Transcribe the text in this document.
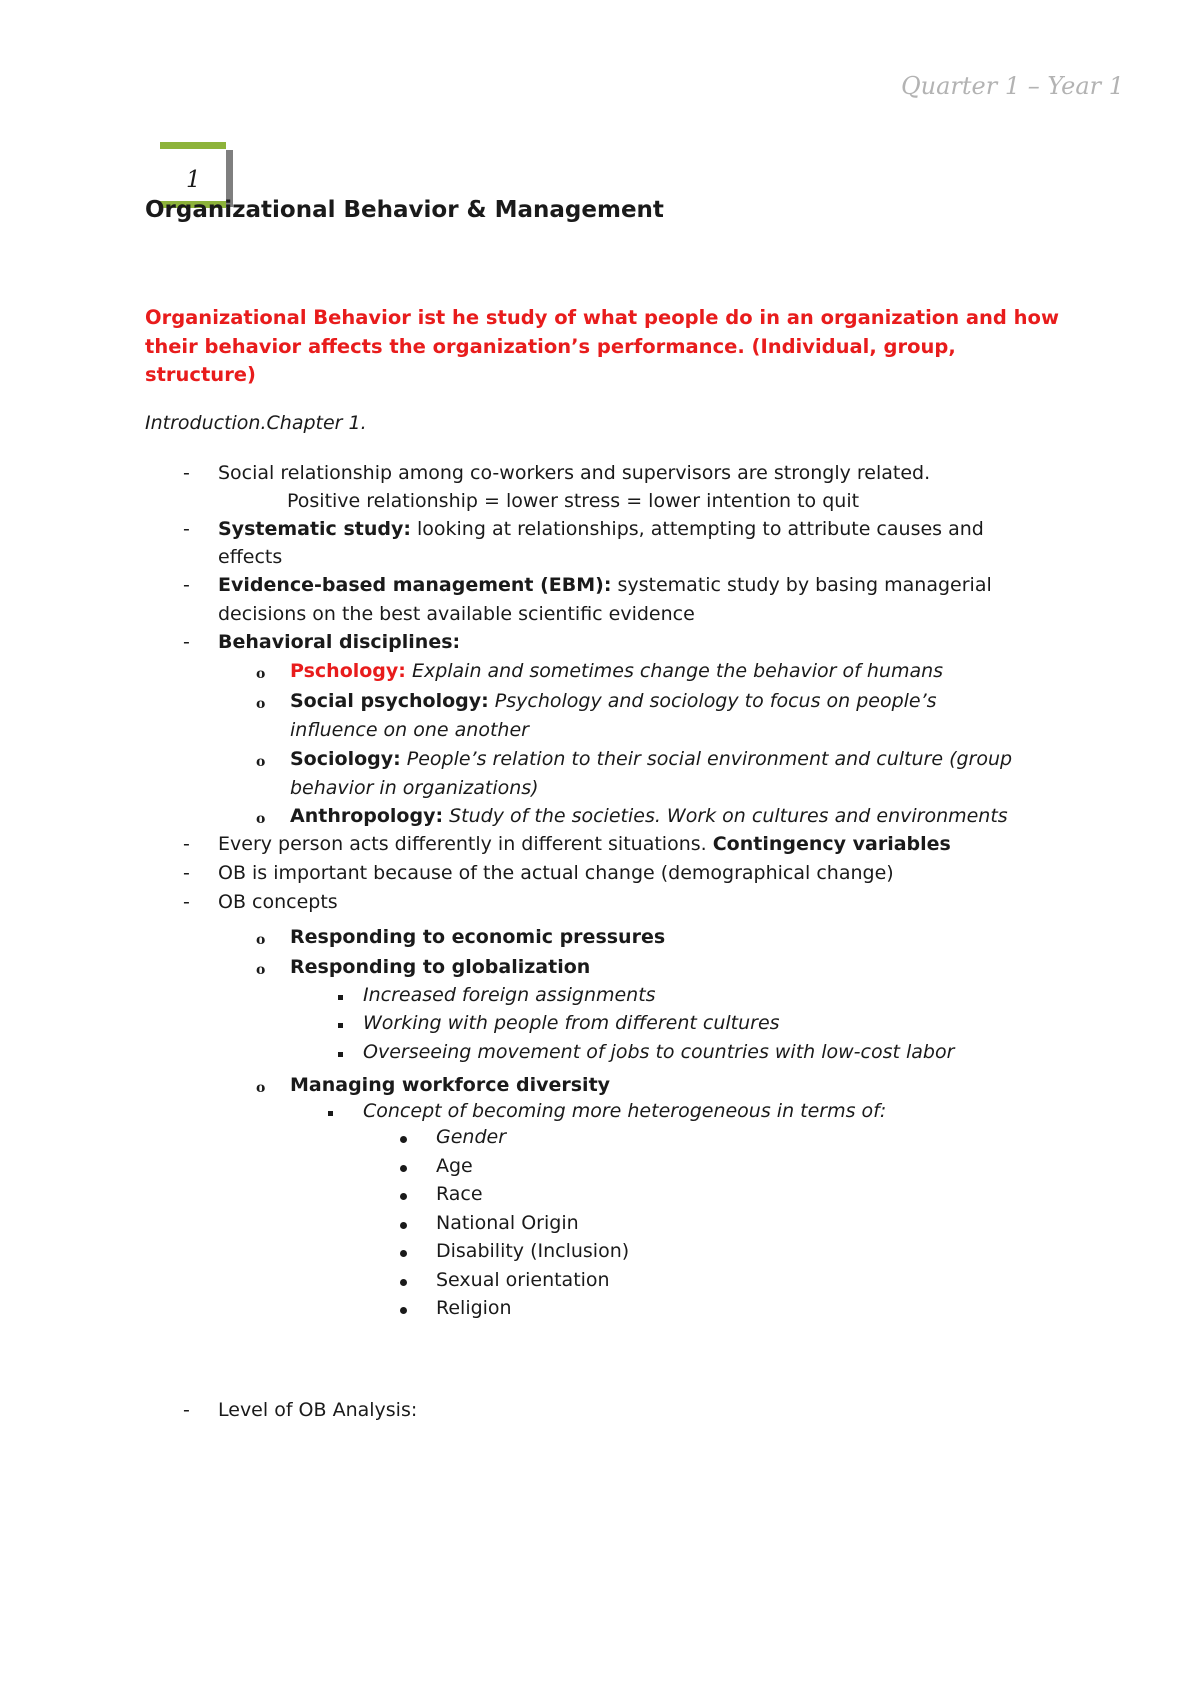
Quarter 1 – Year 1
1
Organizational Behavior & Management

Organizational Behavior ist he study of what people do in an organization and how their behavior affects the organization’s performance. (Individual, group, structure)

Introduction.Chapter 1.
-
-
-
-
-
-
-
-
Social relationship among co-workers and supervisors are strongly related.
Positive relationship = lower stress = lower intention to quit
Systematic study: looking at relationships, attempting to attribute causes and
effects
Evidence-based management (EBM): systematic study by basing managerial
decisions on the best available scientific evidence
Behavioral disciplines:
o
o
o
o
o
o
o
Pschology: Explain and sometimes change the behavior of humans
Social psychology: Psychology and sociology to focus on people’s
influence on one another
Sociology: People’s relation to their social environment and culture (group
behavior in organizations)
Anthropology: Study of the societies. Work on cultures and environments
Every person acts differently in different situations. Contingency variables
OB is important because of the actual change (demographical change)
OB concepts
Responding to economic pressures
Responding to globalization
Increased foreign assignments
Working with people from different cultures
Overseeing movement of jobs to countries with low-cost labor
Managing workforce diversity
Concept of becoming more heterogeneous in terms of:
Gender
Age
Race
National Origin
Disability (Inclusion)
Sexual orientation
Religion
Level of OB Analysis:
